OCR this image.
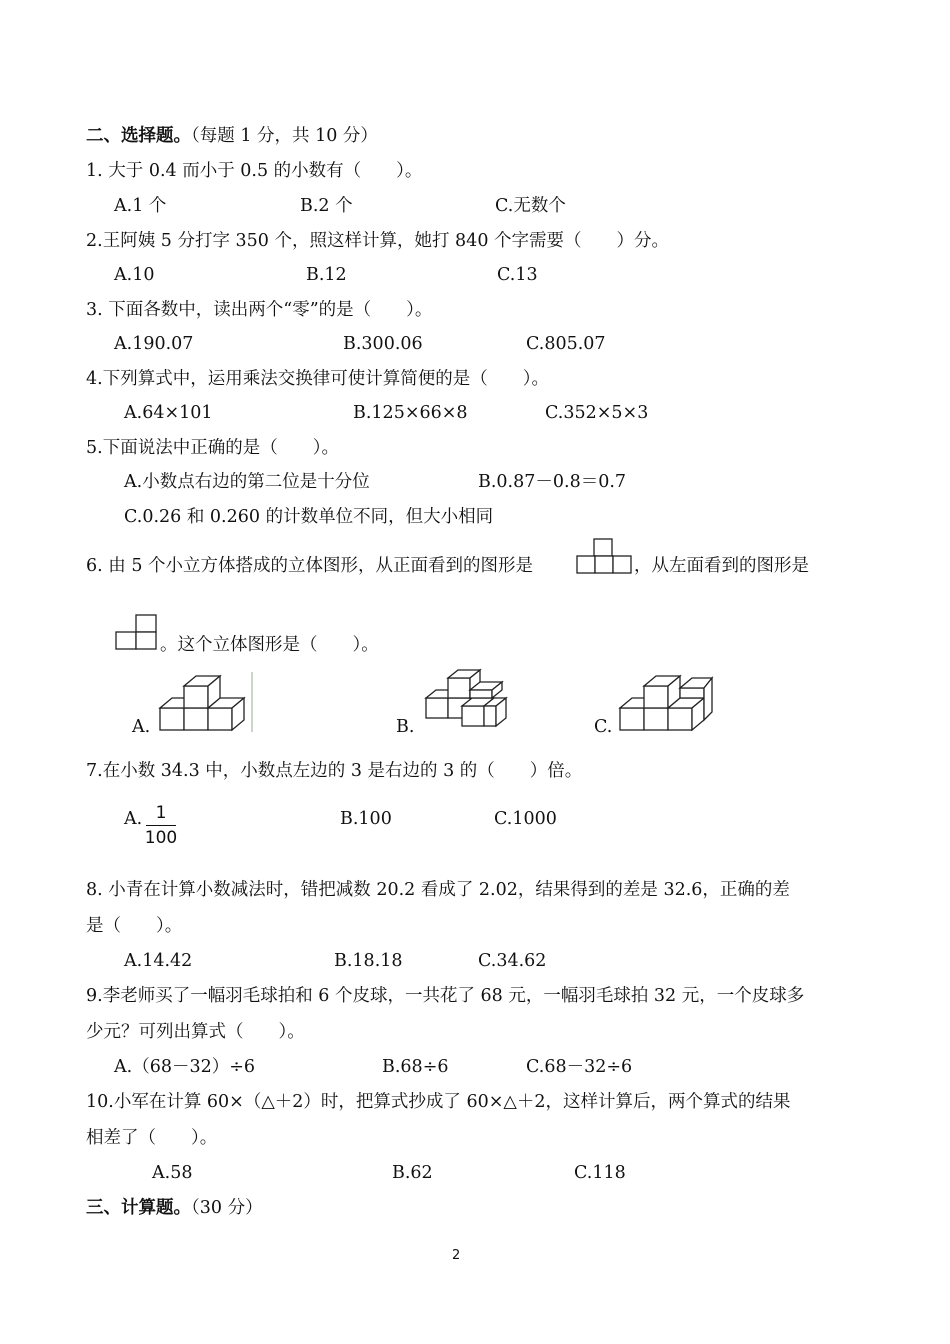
二、选择题。（每题 1 分，共 10 分）
1. 大于 0.4 而小于 0.5 的小数有（　　）。
A.1 个	B.2 个	C.无数个
2.王阿姨 5 分打字 350 个，照这样计算，她打 840 个字需要（　　）分。
A.10	B.12	C.13
3. 下面各数中，读出两个“零”的是（　　）。
A.190.07	B.300.06	C.805.07
4.下列算式中，运用乘法交换律可使计算简便的是（　　）。
A.64×101	B.125×66×8	C.352×5×3
5.下面说法中正确的是（　　）。
A.小数点右边的第二位是十分位	B.0.87－0.8＝0.7
C.0.26 和 0.260 的计数单位不同，但大小相同
6. 由 5 个小立方体搭成的立体图形，从正面看到的图形是	，从左面看到的图形是
。这个立体图形是（　　）。
A.	B.	C.
7.在小数 34.3 中，小数点左边的 3 是右边的 3 的（　　）倍。
A. 1
100
B.100	C.1000
8. 小青在计算小数减法时，错把减数 20.2 看成了 2.02，结果得到的差是 32.6，正确的差
是（　　）。
A.14.42	B.18.18	C.34.62
9.李老师买了一幅羽毛球拍和 6 个皮球，一共花了 68 元，一幅羽毛球拍 32 元，一个皮球多
少元？可列出算式（　　）。
A.（68－32）÷6	B.68÷6	C.68－32÷6
10.小军在计算 60×（△＋2）时，把算式抄成了 60×△＋2，这样计算后，两个算式的结果
相差了（　　）。
A.58	B.62	C.118
三、计算题。（30 分）
2
